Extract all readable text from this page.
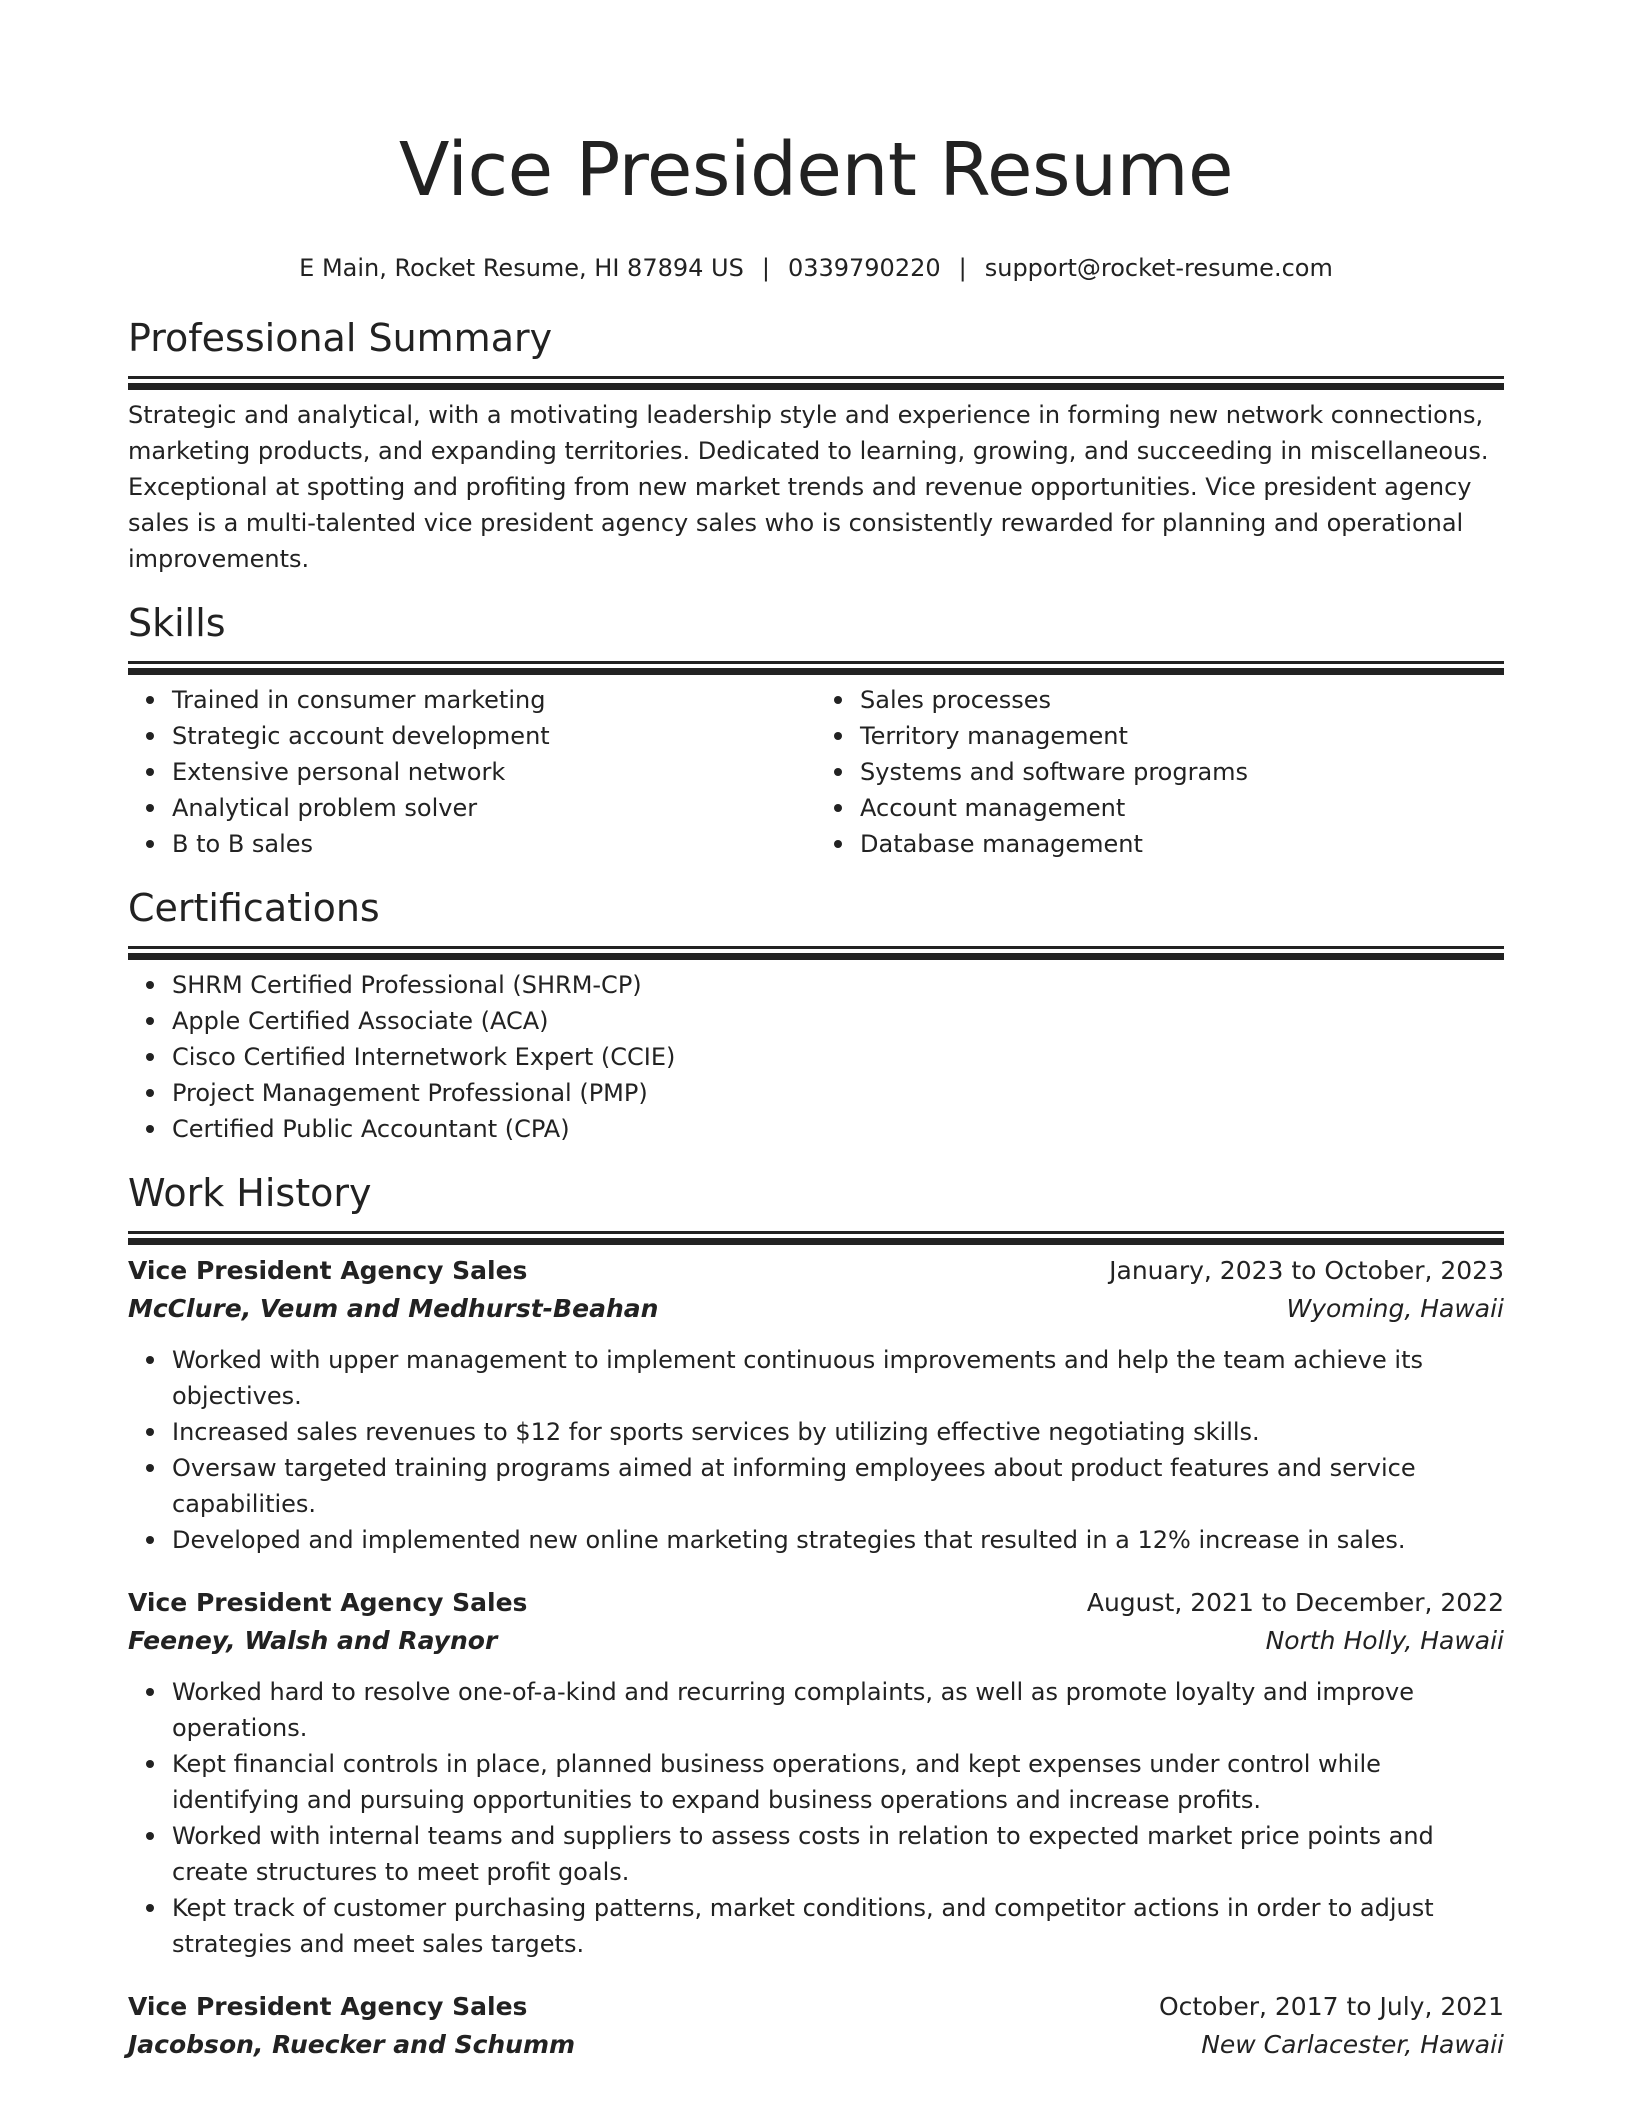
Vice President Resume
E Main, Rocket Resume, HI 87894 US | 0339790220 | support@rocket-resume.com
Professional Summary

Strategic and analytical, with a motivating leadership style and experience in forming new network connections, marketing products, and expanding territories. Dedicated to learning, growing, and succeeding in miscellaneous. Exceptional at spotting and profiting from new market trends and revenue opportunities. Vice president agency sales is a multi-talented vice president agency sales who is consistently rewarded for planning and operational improvements.

Skills
Trained in consumer marketing
Strategic account development
Extensive personal network
Analytical problem solver
B to B sales
Sales processes
Territory management
Systems and software programs
Account management
Database management
Certifications
SHRM Certified Professional (SHRM-CP)
Apple Certified Associate (ACA)
Cisco Certified Internetwork Expert (CCIE)
Project Management Professional (PMP)
Certified Public Accountant (CPA)
Work History
Vice President Agency Sales	January, 2023 to October, 2023
McClure, Veum and Medhurst-Beahan	Wyoming, Hawaii
Worked with upper management to implement continuous improvements and help the team achieve its objectives.
Increased sales revenues to $12 for sports services by utilizing effective negotiating skills.
Oversaw targeted training programs aimed at informing employees about product features and service capabilities.
Developed and implemented new online marketing strategies that resulted in a 12% increase in sales.
Vice President Agency Sales	August, 2021 to December, 2022
Feeney, Walsh and Raynor	North Holly, Hawaii
Worked hard to resolve one-of-a-kind and recurring complaints, as well as promote loyalty and improve operations.
Kept financial controls in place, planned business operations, and kept expenses under control while identifying and pursuing opportunities to expand business operations and increase profits.
Worked with internal teams and suppliers to assess costs in relation to expected market price points and create structures to meet profit goals.
Kept track of customer purchasing patterns, market conditions, and competitor actions in order to adjust strategies and meet sales targets.
Vice President Agency Sales	October, 2017 to July, 2021
Jacobson, Ruecker and Schumm	New Carlacester, Hawaii
